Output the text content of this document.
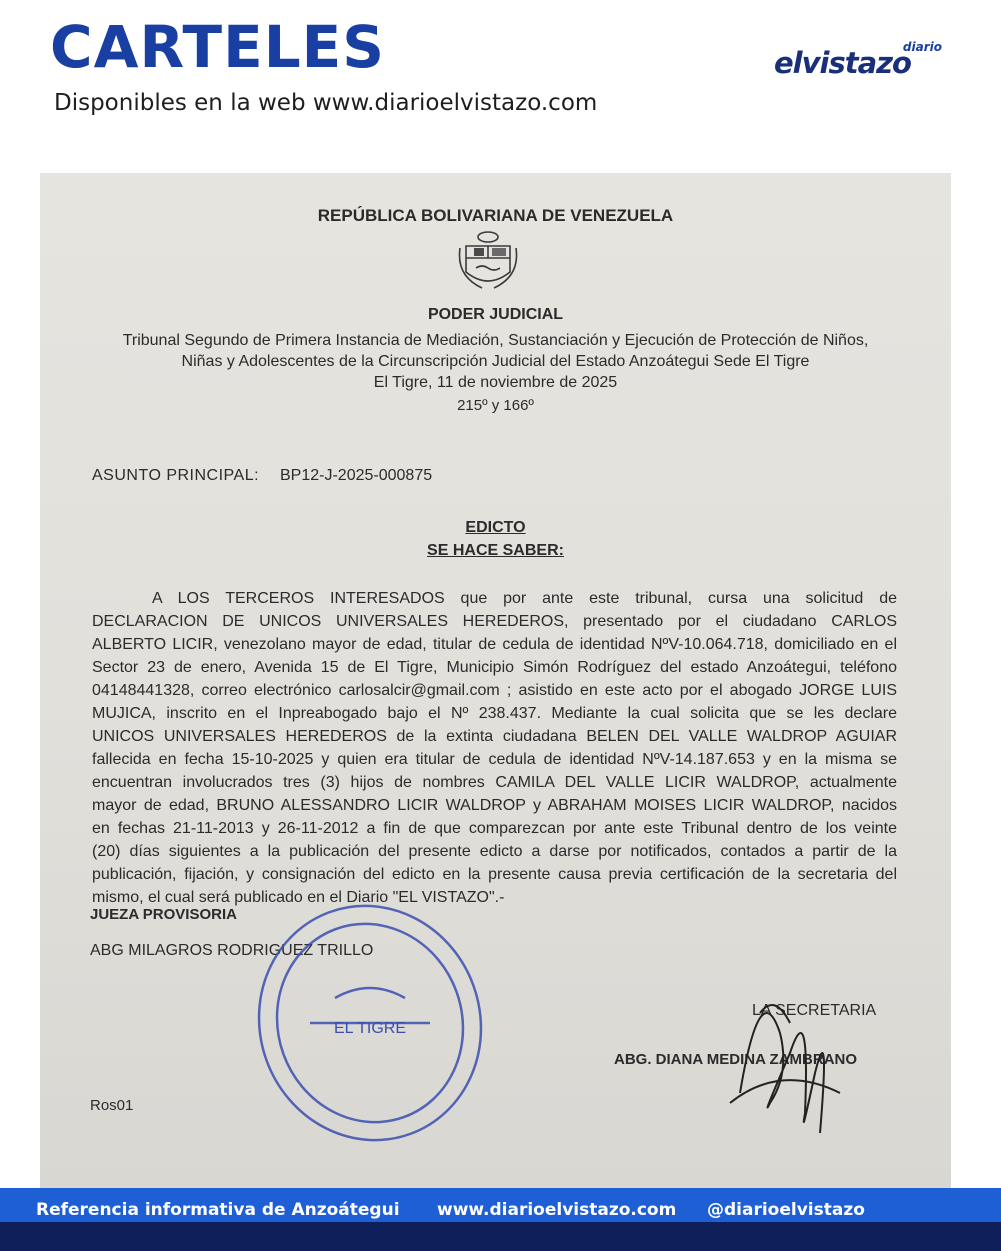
CARTELES
Disponibles en la web www.diarioelvistazo.com
diario
elvistazo
REPÚBLICA BOLIVARIANA DE VENEZUELA
PODER JUDICIAL
Tribunal Segundo de Primera Instancia de Mediación, Sustanciación y Ejecución de Protección de Niños,
Niñas y Adolescentes de la Circunscripción Judicial del Estado Anzoátegui Sede El Tigre
El Tigre, 11 de noviembre de 2025
215º y 166º
ASUNTO PRINCIPAL: BP12-J-2025-000875
EDICTO
SE HACE SABER:
A LOS TERCEROS INTERESADOS que por ante este tribunal, cursa una solicitud de
DECLARACION DE UNICOS UNIVERSALES HEREDEROS, presentado por el ciudadano CARLOS
ALBERTO LICIR, venezolano mayor de edad, titular de cedula de identidad NºV-10.064.718, domiciliado en el
Sector 23 de enero, Avenida 15 de El Tigre, Municipio Simón Rodríguez del estado Anzoátegui, teléfono
04148441328, correo electrónico carlosalcir@gmail.com ; asistido en este acto por el abogado JORGE LUIS
MUJICA, inscrito en el Inpreabogado bajo el Nº 238.437. Mediante la cual solicita que se les declare
UNICOS UNIVERSALES HEREDEROS de la extinta ciudadana BELEN DEL VALLE WALDROP AGUIAR
fallecida en fecha 15-10-2025 y quien era titular de cedula de identidad NºV-14.187.653 y en la misma se
encuentran involucrados tres (3) hijos de nombres CAMILA DEL VALLE LICIR WALDROP, actualmente
mayor de edad, BRUNO ALESSANDRO LICIR WALDROP y ABRAHAM MOISES LICIR WALDROP, nacidos
en fechas 21-11-2013 y 26-11-2012 a fin de que comparezcan por ante este Tribunal dentro de los veinte
(20) días siguientes a la publicación del presente edicto a darse por notificados, contados a partir de la
publicación, fijación, y consignación del edicto en la presente causa previa certificación de la secretaria del
mismo, el cual será publicado en el Diario "EL VISTAZO".-
JUEZA PROVISORIA
ABG MILAGROS RODRIGUEZ TRILLO
LA SECRETARIA
ABG. DIANA MEDINA ZAMBRANO
Ros01
EL TIGRE
Referencia informativa de Anzoátegui www.diarioelvistazo.com @diarioelvistazo
